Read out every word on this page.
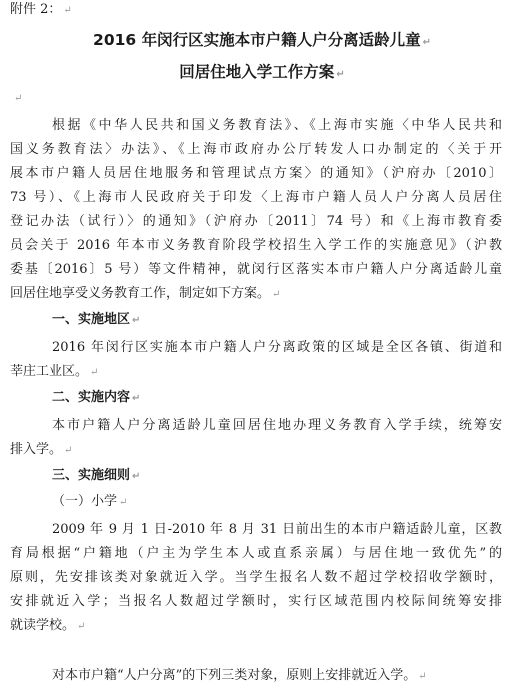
附件 2： ↵
2016 年闵行区实施本市户籍人户分离适龄儿童 ↵
回居住地入学工作方案 ↵
↵
根据《中华人民共和国义务教育法》、《上海市实施〈中华人民共和
国义务教育法〉办法》、《上海市政府办公厅转发人口办制定的〈关于开
展本市户籍人员居住地服务和管理试点方案〉的通知》（沪府办〔2010〕
73 号）、《上海市人民政府关于印发〈上海市户籍人员人户分离人员居住
登记办法（试行）〉的通知》（沪府办〔2011〕74 号）和《上海市教育委
员会关于 2016 年本市义务教育阶段学校招生入学工作的实施意见》（沪教
委基〔2016〕5 号）等文件精神，就闵行区落实本市户籍人户分离适龄儿童
回居住地享受义务教育工作，制定如下方案。 ↵
一、实施地区 ↵
2016 年闵行区实施本市户籍人户分离政策的区域是全区各镇、街道和
莘庄工业区。 ↵
二、实施内容 ↵
本市户籍人户分离适龄儿童回居住地办理义务教育入学手续，统筹安
排入学。 ↵
三、实施细则 ↵
（一）小学 ↵
2009 年 9 月 1 日-2010 年 8 月 31 日前出生的本市户籍适龄儿童，区教
育局根据“户籍地（户主为学生本人或直系亲属）与居住地一致优先”的
原则，先安排该类对象就近入学。当学生报名人数不超过学校招收学额时，
安排就近入学；当报名人数超过学额时，实行区域范围内校际间统筹安排
就读学校。 ↵
对本市户籍“人户分离”的下列三类对象，原则上安排就近入学。 ↵
